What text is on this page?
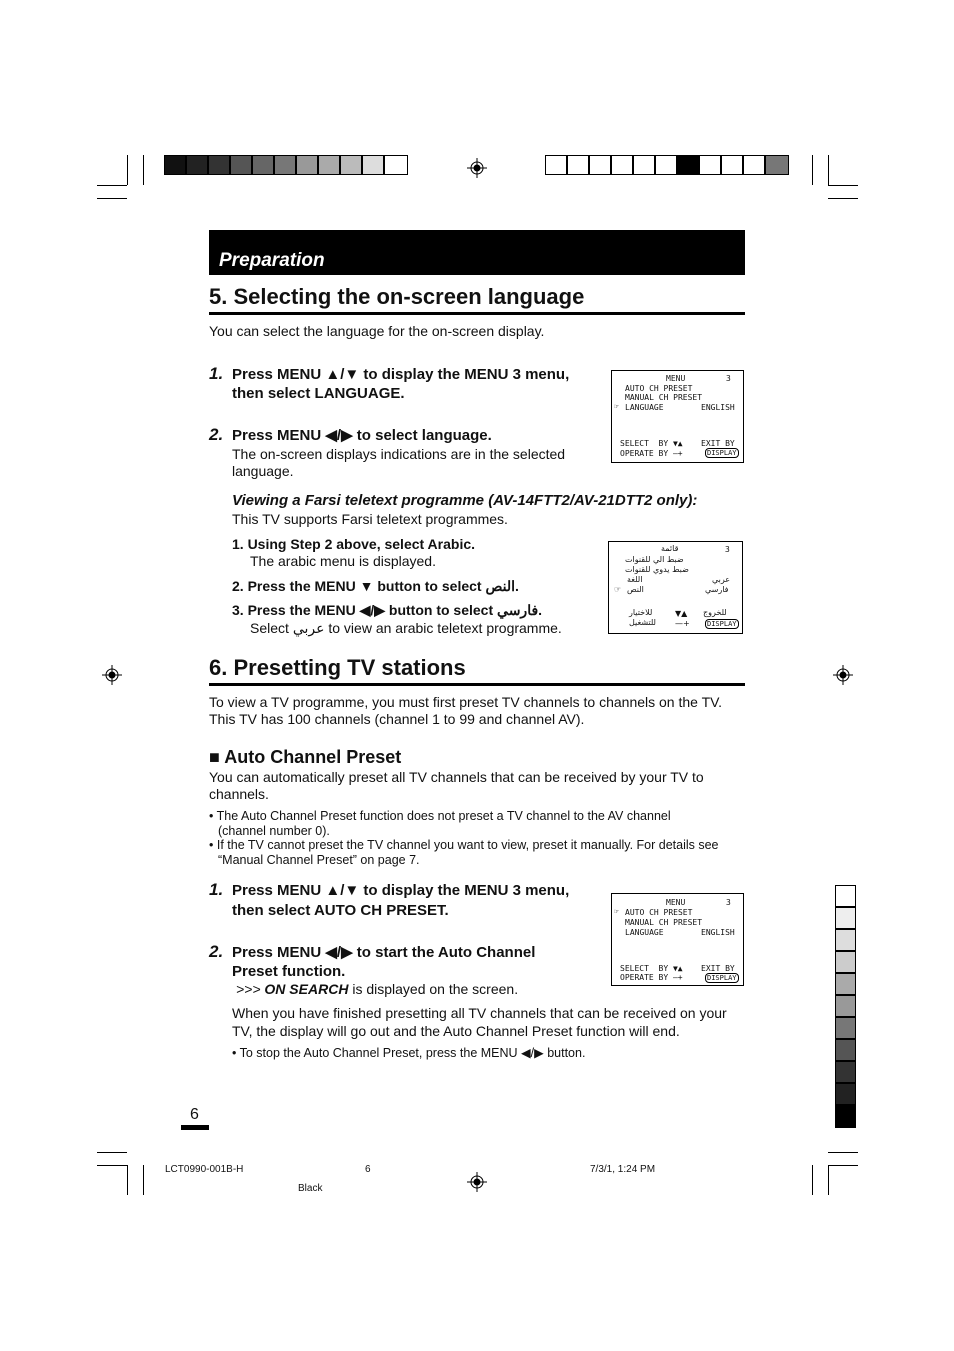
Preparation
5. Selecting the on-screen language
You can select the language for the on-screen display.
1. Press MENU ▲/▼ to display the MENU 3 menu,
then select LANGUAGE.
2. Press MENU ◀/▶ to select language.
The on-screen displays indications are in the selected
language.

MENU

	3

AUTO CH PRESET

MANUAL CH PRESET

☞

LANGUAGE

	ENGLISH

SELECT  BY ▼▲

EXIT BY

OPERATE BY —+

	DISPLAY

Viewing a Farsi teletext programme (AV-14FTT2/AV-21DTT2 only):
This TV supports Farsi teletext programmes.
1. Using Step 2 above, select Arabic.
The arabic menu is displayed.
2. Press the MENU ▼ button to select النص.
3. Press the MENU ◀/▶ button to select فارسي.
Select عربي to view an arabic teletext programme.

قائمة

	3

ضبط الي للقنوات

ضبط يدوي للقنوات

اللغة

	عربي

☞

النص

	فارسي

للاختيار

	▼▲

للخروج

للتشغيل

—+

DISPLAY

6. Presetting TV stations
To view a TV programme, you must first preset TV channels to channels on the TV.
This TV has 100 channels (channel 1 to 99 and channel AV).
■ Auto Channel Preset
You can automatically preset all TV channels that can be received by your TV to
channels.
• The Auto Channel Preset function does not preset a TV channel to the AV channel
(channel number 0).
• If the TV cannot preset the TV channel you want to view, preset it manually. For details see
“Manual Channel Preset” on page 7.
1. Press MENU ▲/▼ to display the MENU 3 menu,
then select AUTO CH PRESET.
2. Press MENU ◀/▶ to start the Auto Channel
Preset function.
>>> ON SEARCH is displayed on the screen.
When you have finished presetting all TV channels that can be received on your
TV, the display will go out and the Auto Channel Preset function will end.
• To stop the Auto Channel Preset, press the MENU ◀/▶ button.

MENU

	3

☞

AUTO CH PRESET

MANUAL CH PRESET

LANGUAGE

	ENGLISH

SELECT  BY ▼▲

EXIT BY

OPERATE BY —+

	DISPLAY

6
LCT0990-001B-H	6	7/3/1, 1:24 PM
Black
